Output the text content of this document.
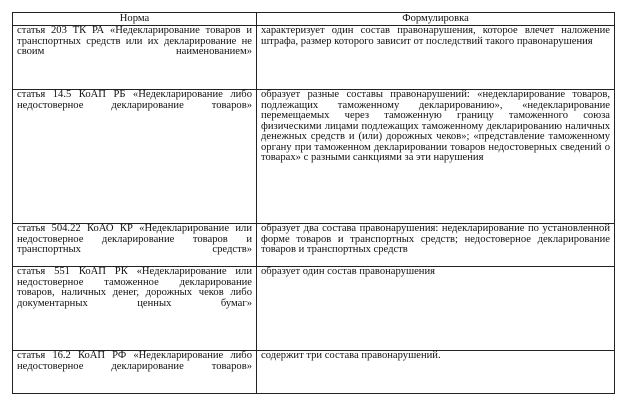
Норма	Формулировка
статья 203 ТК РА «Недекларирование товаров и транспортных средств или их декларирование не своим наименованием»	характеризует один состав правонарушения, которое влечет наложение штрафа, размер которого зависит от последствий такого правонарушения
статья 14.5 КоАП РБ «Недекларирование либо недостоверное декларирование товаров»	образует разные составы правонарушений: «недекларирование товаров, подлежащих таможенному декларированию», «недекларирование перемещаемых через таможенную границу таможенного союза физическими лицами подлежащих таможенному декларированию наличных денежных средств и (или) дорожных чеков»; «представление таможенному органу при таможенном декларировании товаров недостоверных сведений о товарах» с разными санкциями за эти нарушения
статья 504.22 КоАО КР «Недекларирование или недостоверное декларирование товаров и транспортных средств»	образует два состава правонарушения: недекларирование по установленной форме товаров и транспортных средств; недостоверное декларирование товаров и транспортных средств
статья 551 КоАП РК «Недекларирование или недостоверное таможенное декларирование товаров, наличных денег, дорожных чеков либо документарных ценных бумаг»	образует один состав правонарушения
статья 16.2 КоАП РФ «Недекларирование либо недостоверное декларирование товаров»	содержит три состава правонарушений.
